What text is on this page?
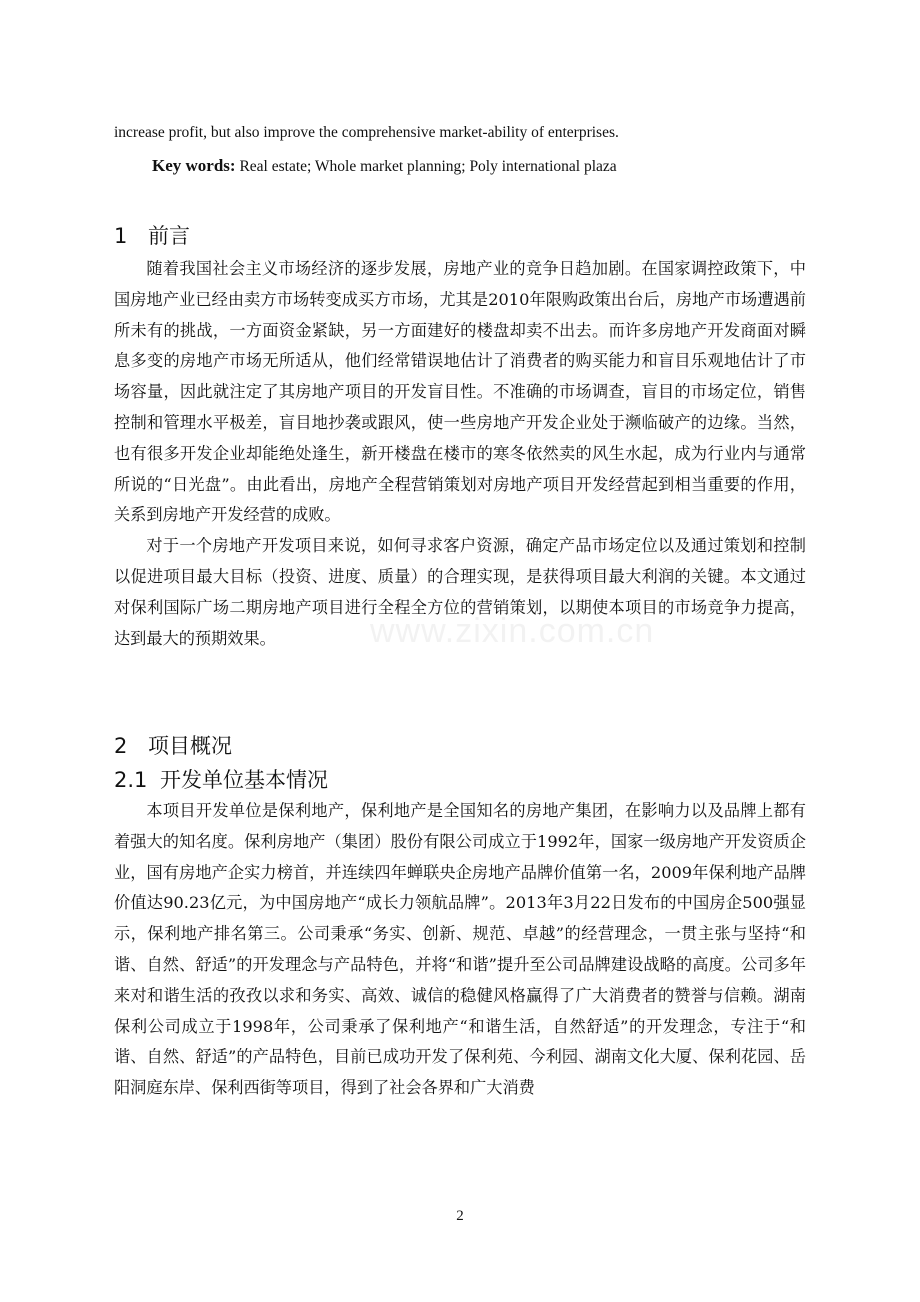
increase profit, but also improve the comprehensive market-ability of enterprises.
Key words: Real estate; Whole market planning; Poly international plaza
1 前言

随着我国社会主义市场经济的逐步发展，房地产业的竞争日趋加剧。在国家调控政策下，中国房地产业已经由卖方市场转变成买方市场，尤其是2010年限购政策出台后，房地产市场遭遇前所未有的挑战，一方面资金紧缺，另一方面建好的楼盘却卖不出去。而许多房地产开发商面对瞬息多变的房地产市场无所适从，他们经常错误地估计了消费者的购买能力和盲目乐观地估计了市场容量，因此就注定了其房地产项目的开发盲目性。不准确的市场调查，盲目的市场定位，销售控制和管理水平极差，盲目地抄袭或跟风，使一些房地产开发企业处于濒临破产的边缘。当然，也有很多开发企业却能绝处逢生，新开楼盘在楼市的寒冬依然卖的风生水起，成为行业内与通常所说的“日光盘”。由此看出，房地产全程营销策划对房地产项目开发经营起到相当重要的作用，关系到房地产开发经营的成败。

对于一个房地产开发项目来说，如何寻求客户资源，确定产品市场定位以及通过策划和控制以促进项目最大目标（投资、进度、质量）的合理实现，是获得项目最大利润的关键。本文通过对保利国际广场二期房地产项目进行全程全方位的营销策划，以期使本项目的市场竞争力提高，达到最大的预期效果。

2 项目概况
2.1 开发单位基本情况

本项目开发单位是保利地产，保利地产是全国知名的房地产集团，在影响力以及品牌上都有着强大的知名度。保利房地产（集团）股份有限公司成立于1992年，国家一级房地产开发资质企业，国有房地产企实力榜首，并连续四年蝉联央企房地产品牌价值第一名，2009年保利地产品牌价值达90.23亿元，为中国房地产“成长力领航品牌”。2013年3月22日发布的中国房企500强显示，保利地产排名第三。公司秉承“务实、创新、规范、卓越”的经营理念，一贯主张与坚持“和谐、自然、舒适”的开发理念与产品特色，并将“和谐”提升至公司品牌建设战略的高度。公司多年来对和谐生活的孜孜以求和务实、高效、诚信的稳健风格赢得了广大消费者的赞誉与信赖。湖南保利公司成立于1998年，公司秉承了保利地产“和谐生活，自然舒适”的开发理念，专注于“和谐、自然、舒适”的产品特色，目前已成功开发了保利苑、今利园、湖南文化大厦、保利花园、岳阳洞庭东岸、保利西街等项目，得到了社会各界和广大消费

www.zixin.com.cn
2
